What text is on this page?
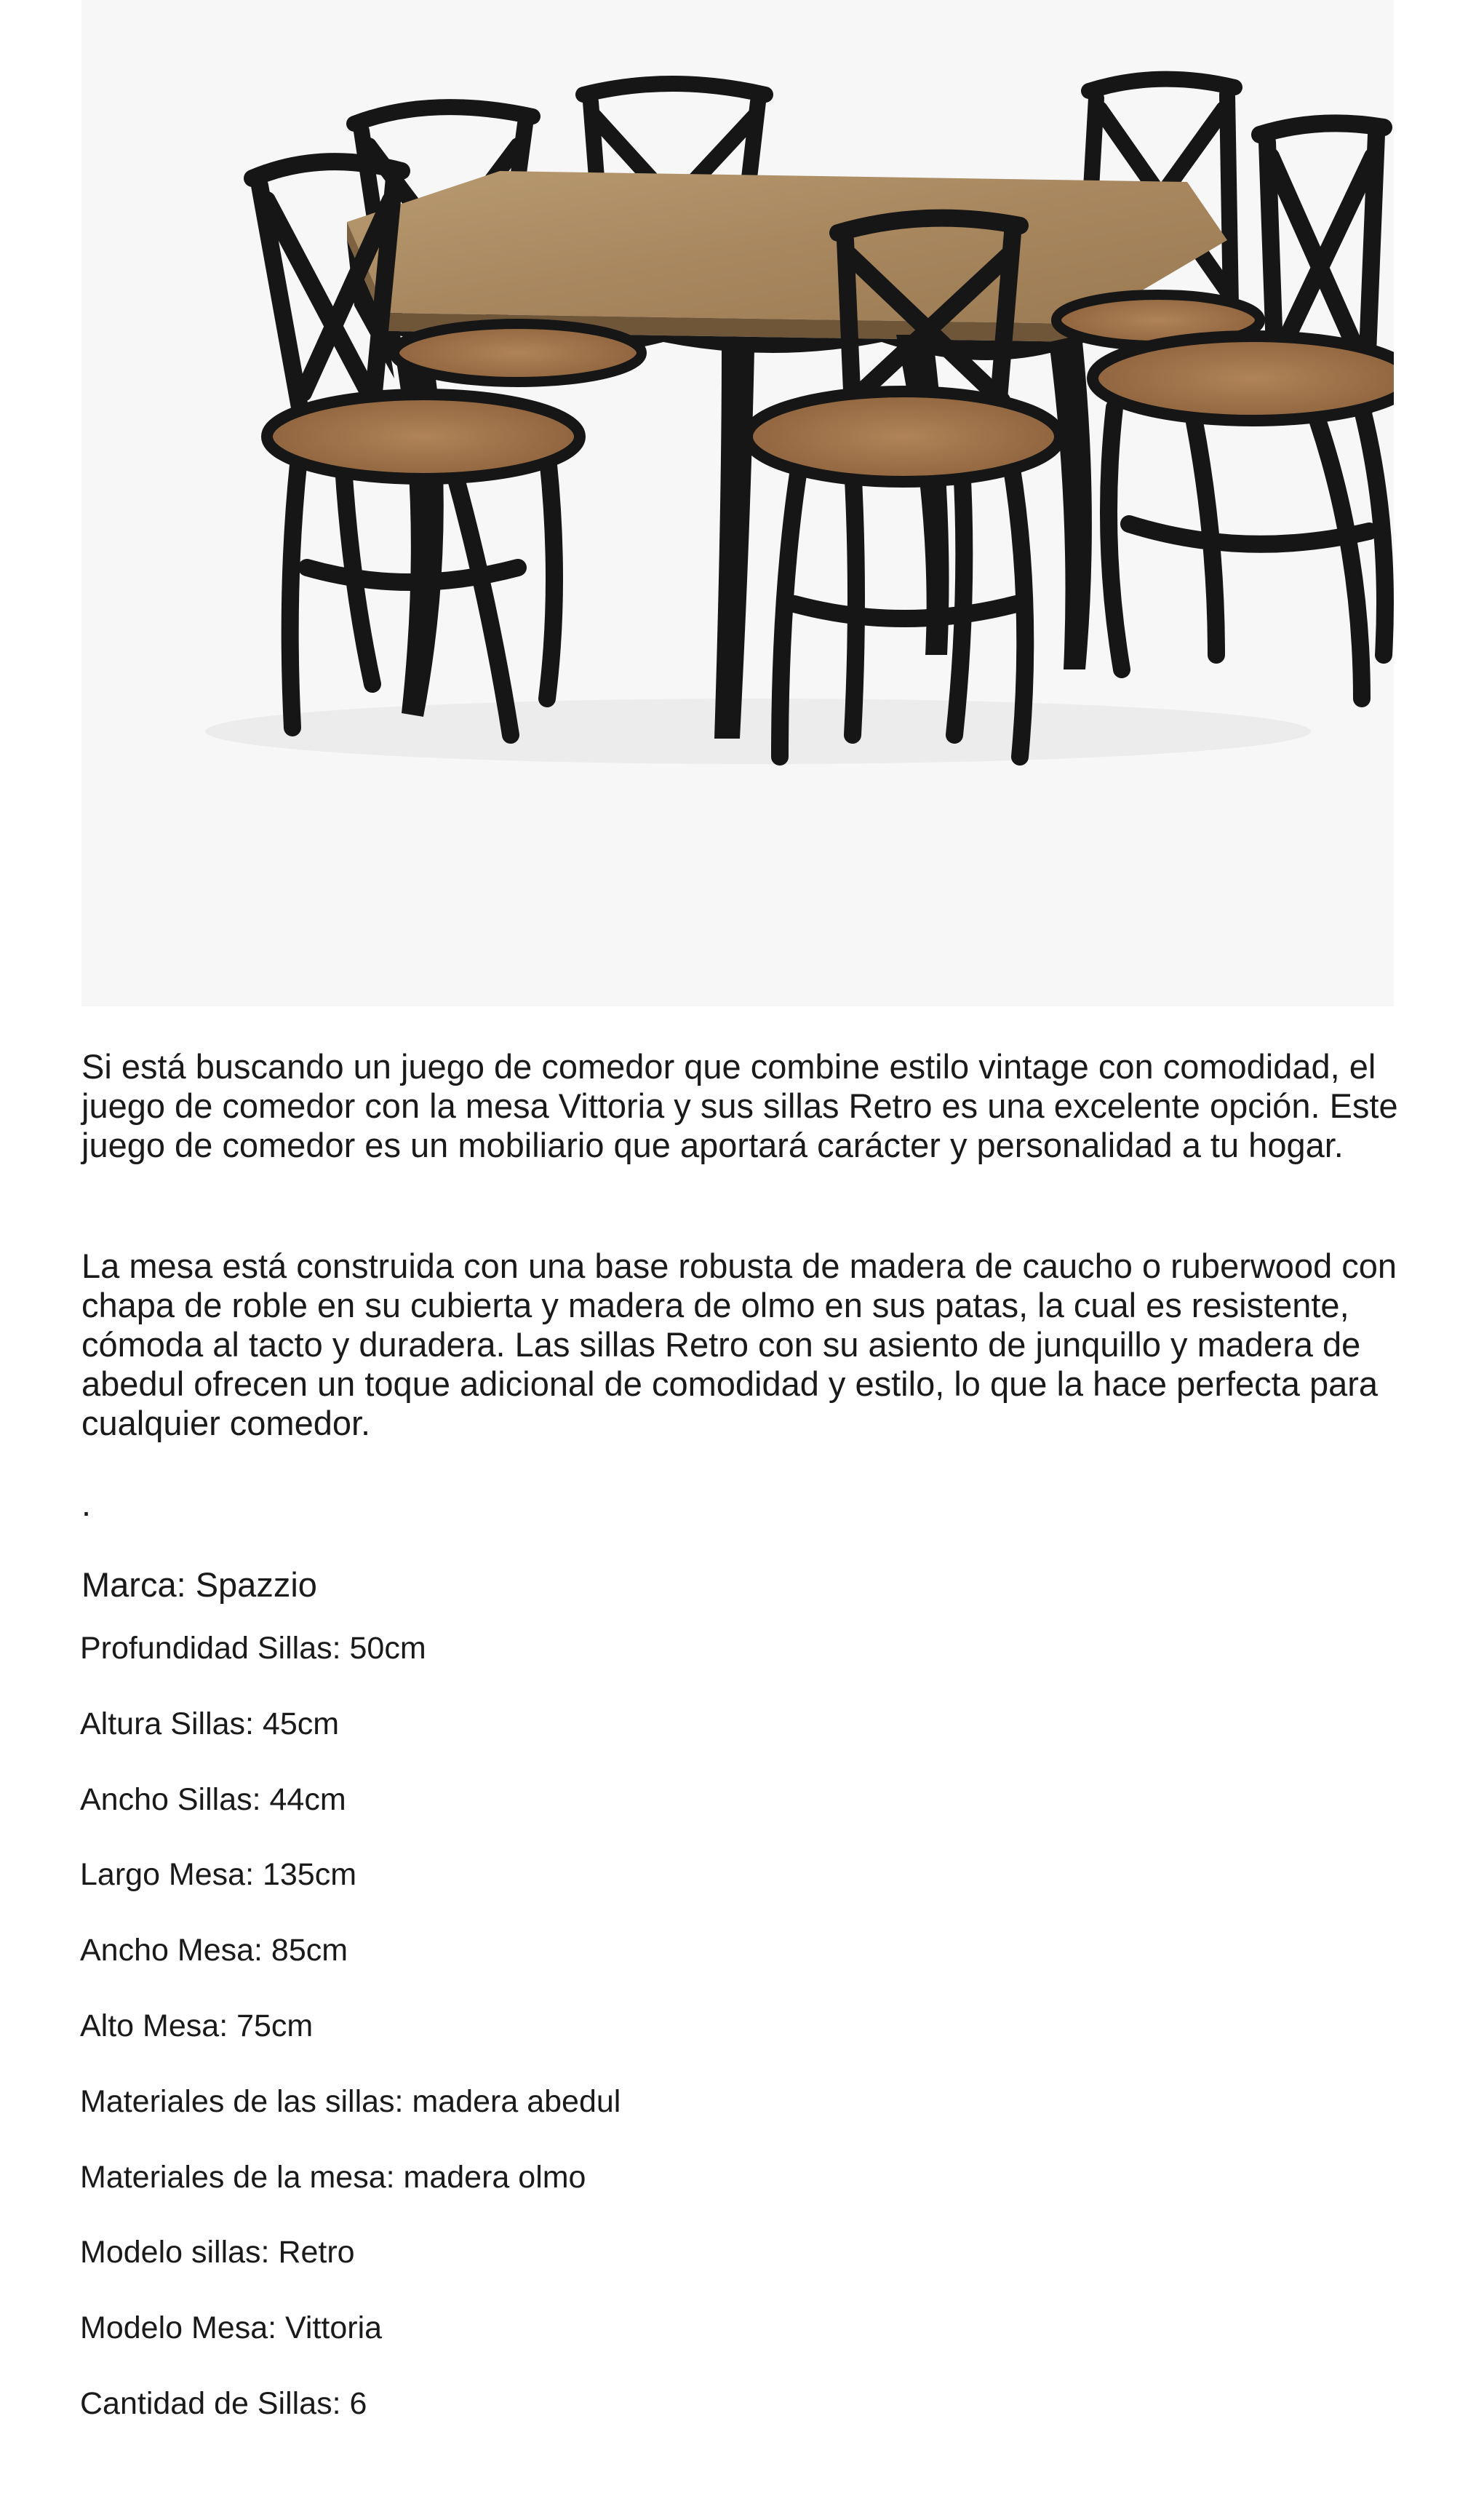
Si está buscando un juego de comedor que combine estilo vintage con comodidad, el juego de comedor con la mesa Vittoria y sus sillas Retro es una excelente opción. Este juego de comedor es un mobiliario que aportará carácter y personalidad a tu hogar.

La mesa está construida con una base robusta de madera de caucho o ruberwood con chapa de roble en su cubierta y madera de olmo en sus patas, la cual es resistente, cómoda al tacto y duradera. Las sillas Retro con su asiento de junquillo y madera de abedul ofrecen un toque adicional de comodidad y estilo, lo que la hace perfecta para cualquier comedor.

.
Marca: Spazzio
Profundidad Sillas: 50cm
Altura Sillas: 45cm
Ancho Sillas: 44cm
Largo Mesa: 135cm
Ancho Mesa: 85cm
Alto Mesa: 75cm
Materiales de las sillas: madera abedul
Materiales de la mesa: madera olmo
Modelo sillas: Retro
Modelo Mesa: Vittoria
Cantidad de Sillas: 6
